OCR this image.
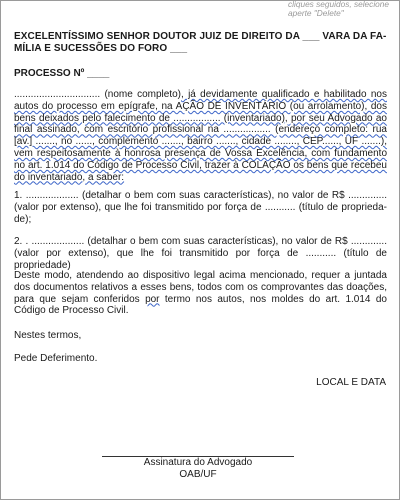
cliques seguidos, selecione
aperte "Delete"
EXCELENTÍSSIMO SENHOR DOUTOR JUIZ DE DIREITO DA ___ VARA DA FA-
MÍLIA E SUCESSÕES DO FORO ___
PROCESSO Nº ____
............................... (nome completo), já devidamente qualificado e habilitado nos autos do processo em epígrafe, na AÇÃO DE INVENTÁRIO (ou arrolamento), dos bens deixados pelo falecimento de ................. (inventariado), por seu Advogado ao final assinado, com escritório profissional na ................. (endereço completo: rua [av.] ......., no ......, complemento ......., bairro ......., cidade ........, CEP......, UF .......), vem respeitosamente à honrosa presença de Vossa Excelência, com fundamento no art. 1.014 do Código de Processo Civil, trazer à COLAÇÃO os bens que recebeu do inventariado, a saber:
1. ................... (detalhar o bem com suas características), no valor de R$ .............. (valor por extenso), que lhe foi transmitido por força de ........... (título de proprieda-de);
2. . ................... (detalhar o bem com suas características), no valor de R$ ............. (valor por extenso), que lhe foi transmitido por força de ........... (título de propriedade)
Deste modo, atendendo ao dispositivo legal acima mencionado, requer a juntada dos documentos relativos a esses bens, todos com os comprovantes das doações, para que sejam conferidos por termo nos autos, nos moldes do art. 1.014 do Código de Processo Civil.
Nestes termos,
Pede Deferimento.
LOCAL E DATA
Assinatura do Advogado
OAB/UF
